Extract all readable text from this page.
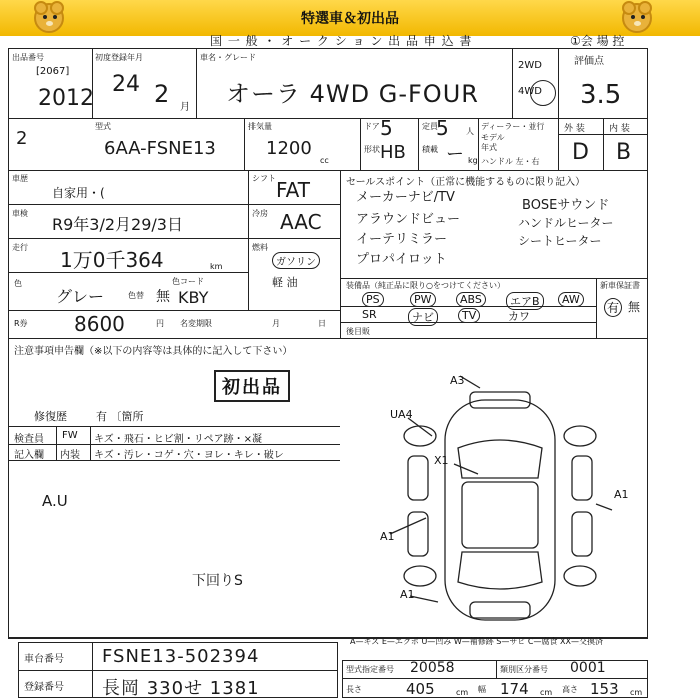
特選車＆初出品
国 一 般 ・ オ ー ク シ ョ ン 出 品 申 込 書	①会 場 控
出品番号
[2067]
2012
初度登録年月
24 2 月
車名・グレード
オーラ 4WD G-FOUR
2WD
4WD
評価点
3.5
2
型式
6AA-FSNE13
排気量
1200
cc
ドア 5
形状 HB
定員
5 人
積載 ー kg
ディーラー・並行
モデル
年式
ハンドル 左・右
外 装	内 装
D B
車歴
自家用・(
車検
R9年3/2月29/3日
走行
1万0千364	km
色
グレー	色替 無
色コード
KBY
シフト FAT
冷房 AAC
燃料
ガソリン
軽 油
R券 8600	円 名変期限	月	日
セールスポイント（正常に機能するものに限り記入）
メーカーナビ/TV
アラウンドビュー
イーテリミラー
プロパイロット
BOSEサウンド
ハンドルヒーター
シートヒーター
装備品（純正品に限り○をつけてください）	新車保証書
有 無
PS	PW	ABS	エアB	AW
SR	ナビ	TV	カワ
後目販
注意事項申告欄（※以下の内容等は具体的に記入して下さい）
初出品
修復歴	有 〔箇所
検査員
記入欄
FW キズ・飛石・ヒビ割・リペア跡・×凝
内装 キズ・汚レ・コゲ・穴・ヨレ・キレ・破レ
A.U
下回りS
A3
UA4
X1
A1
A1
A1
A—キズ E—エクボ U—凹み W—補修跡 S—サビ C—腐食 XX—交換済
車台番号 FSNE13-502394
登録番号 長岡 330せ 1381
型式指定番号 20058	類別区分番号 0001
長さ	405	cm 幅 174 cm 高さ 153 cm
